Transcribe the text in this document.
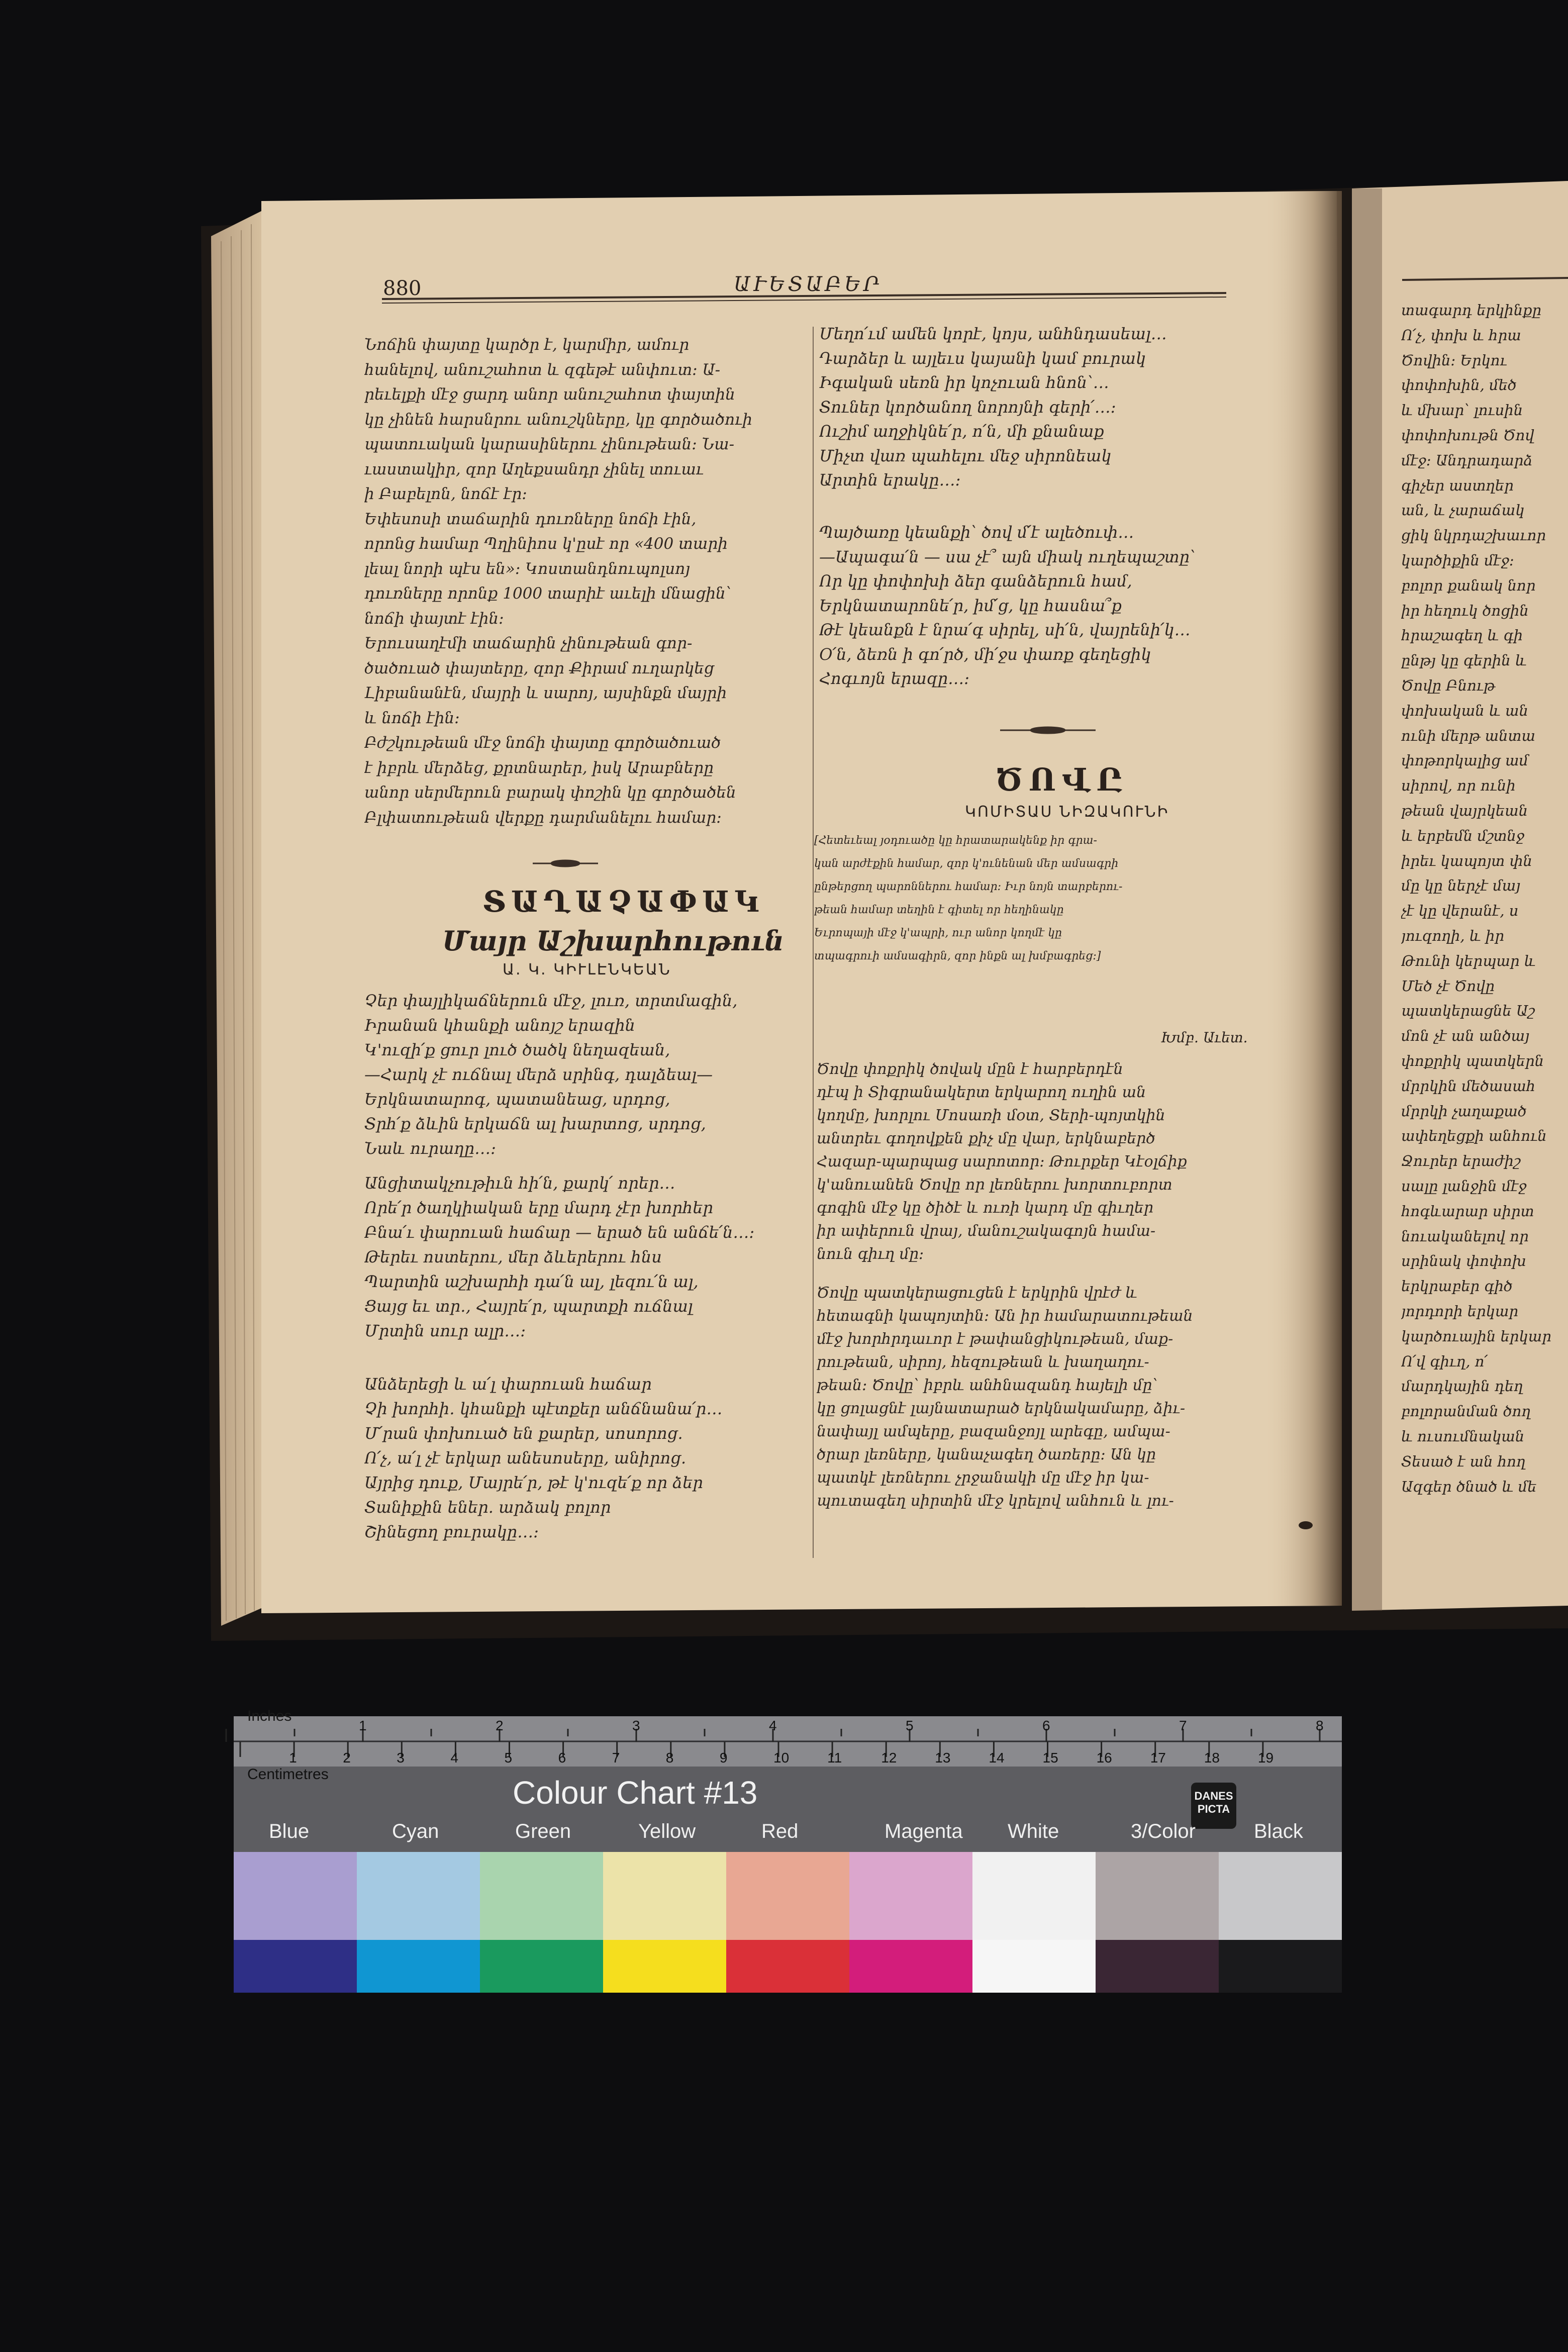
880	ԱՒԵՏԱԲԵՐ
Նոճին փայտը կարծր է, կարմիր, ամուր
հանելով, անուշահոտ և զգեթէ անփուտ։ Ա-
րեւելքի մէջ ցարդ անոր անուշահոտ փայտին
կը չինեն հարսնրու անուշկները, կը գործածուի
պատուական կարասիներու չինութեան։ Նա-
ւաստակիր, զոր Աղեքսանդր չինել տուաւ
ի Բաբելոն, նոճէ էր։
Եփեսոսի տաճարին դուռները նոճի էին,
որոնց համար Պղինիոս կ'ըսէ որ «400 տարի
լեալ նորի պէս են»։ Կոստանդնուպոլսոյ
դուռները որոնք 1000 տարիէ աւելի մնացին՝
նոճի փայտէ էին։
Երուսաղէմի տաճարին չինութեան գոր-
ծածուած փայտերը, զոր Քիրամ ուղարկեց
Լիբանանէն, մայրի և սարոյ, այսինքն մայրի
և նոճի էին։
Բժշկութեան մէջ նոճի փայտը գործածուած
է իբրև մերձեց, քրտնարեր, իսկ Արաբները
անոր սերմերուն բարակ փոշին կը գործածեն
Բլփատութեան վերքը դարմանելու համար։
ՏԱՂԱՉԱՓԱԿ
Մայր Աշխարհութուն
Ա. Կ. ԿԻՒԼԷՆԿԵԱՆ
Չեր փայլիկաճներուն մէջ, լուռ, տրտմագին,
Իրանան կհանքի անոյշ երազին
Կ'ուզի՛ք ցուր լուծ ծածկ նեղազեան,
—Հարկ չէ ուճնալ մերձ սրինգ, դալձեալ—
Երկնատարոգ, պատանեաց, սրդոց,
Տրհ՛ք ձևին երկաճն ալ խարտոց, սրդոց,
Նաև ուրաղը…։
Անցիտակչութիւն հի՛ն, քարկ՛ որեր…
Որե՛ր ծաղկիական երը մարդ չէր խորհեր
Բնա՛ւ փարուան հաճար — երած են անճե՛ն…։
Թերեւ ոստերու, մեր ձևերերու հնս
Պարտին աշխարհի դա՛ն ալ, լեզու՛ն ալ,
Ցայց եւ տր․, Հայրե՛ր, պարտքի ուճնալ
Մրտին սուր ալր…։
Անձերեցի և ա՛լ փարուան հաճար
Չի խորհի․ կհանքի պէտքեր անճնանա՛ր…
Մ՛րան փոխուած են քարեր, սոսորոց․
Ո՛չ, ա՛լ չէ երկար անեսոսերը, անիրոց․
Այրից դուք, Մայրե՛ր, թէ կ'ուզե՛ք որ ձեր
Տանիքին եներ. արձակ բոլոր
Շինեցող բուրակը…։
Մեղո՛ւմ ամեն կորէ, կոյս, անհնդասեալ…
Դարձեր և այլեւս կայանի կամ բուրակ
Իգական սեռն իր կոչուան հնոն՝…
Տուներ կործանող նորոյնի գերի՛…։
Ուշիմ աղջիկնե՛ր, ո՛ն, մի քնանաք
Միչտ վառ պահելու մեջ սիրոնեակ
Արտին երակը…։
Պայծառը կեանքի՝ ծով մ՛է ալեծուփ…
—Ապագա՛ն — սա չէ՞ այն միակ ուղեպաշտը՝
Որ կը փոփոխի ձեր գանձերուն համ,
Երկնատարոնե՛ր, իմ՛ց, կը հասնա՞ք
Թէ կեանքն է նրա՛գ սիրել, սի՛ն, վայրենի՛կ…
Օ՛ն, ձեռն ի գո՛րծ, մի՛ջս փառք գեղեցիկ
Հոգւոյն երազը…։
ԾՈՎԸ
ԿՈՄԻՏԱՍ ՆԻԶԱԿՈՒՆԻ
[Հետեւեալ յօդուածը կը հրատարակենք իր գրա-
կան արժէքին համար, զոր կ'ունենան մեր ամսագրի
ընթերցող պարոններու համար։ Իւր նոյն տարբերու-
թեան համար տեղին է գիտել որ հեղինակը
Եւրոպայի մէջ կ'ապրի, ուր անոր կողմէ կը
տպագրուի ամսագիրն, զոր ինքն ալ խմբագրեց։]
Խմբ. Աւետ.
Ծովը փոքրիկ ծովակ մըն է հարբերդէն
դէպ ի Տիգրանակերտ երկարող ուղին ան
կողմը, խորլու Մոսառի մօտ, Տերի-պոյտկին
անտրեւ գողովքեն քիչ մը վար, երկնաբերծ
Հազար-պարպաց սարոտոր։ Թուրքեր Կէօլճիք
կ'անուանեն Ծովը որ լեռներու խորտուբորտ
գոգին մէջ կը ծիծէ և ուռի կարդ մը գիւղեր
իր ափերուն վրայ, մանուշակագոյն համա-
նուն գիւղ մը։
Ծովը պատկերացուցեն է երկրին վրէժ և
հետագնի կապոյտին։ Ան իր համարատութեան
մէջ խորհրդաւոր է թափանցիկութեան, մաք-
րութեան, սիրոյ, հեզութեան և խաղաղու-
թեան։ Ծովը՝ իբրև անհնազանդ հայելի մը՝
կը ցոլացնէ լայնատարած երկնակամարը, ձիւ-
նափայլ ամպերը, բազանջոյլ արեգը, ամպա-
ծրար լեռները, կանաչագեղ ծառերը։ Ան կը
պատկէ լեռներու չրջանակի մը մէջ իր կա-
պուտագեղ սիրտին մէջ կրելով անհուն և լու-
տագարդ երկինքը
Ո՛չ, փոխ և հրա
Ծովին։ Երկու
փոփոխին, մեծ
և մխար՝ լուսին
փոփոխութն Ծով
մէջ։ Անդրադարձ
գիչեր աստղեր
ան, և չարաճակ
ցիկ նկրդաշխաւոր
կարծիքին մէջ։
բոլոր քանակ նոր
իր հեղուկ ծոցին
հրաշագեղ և գի
ընթյ կը գերին և
Ծովը Բնութ
փոխական և ան
ունի մերթ անտա
փոթորկալից ամ
սիրով, որ ունի
թեան վայրկեան
և երբեմն մշտնջ
իրեւ կապոյտ փն
մը կը ներչէ մայ
չէ կը վերանէ, ս
յուզողի, և իր
Թունի կերպար և
Մեծ չէ Ծովը
պատկերացնե Աշ
մոն չէ ան անծայ
փոքրիկ պատկերն
մրրկին մեծասահ
մրրկի չաղաքած
ափեղեցքի անհուն
Ջուրեր երաժիշ
սալը լանջին մէջ
հոգևարար սիրտ
նուականելով որ
սրինակ փոփոխ
երկրաբեր գիծ
յորդորի երկար
կարծուային երկար
Ո՛վ գիւղ, ո՛
մարդկային դեղ
բոլորանման ծող
և ուսումնական
Տեսած է ան հող
Ազգեր ծնած և մե
Inches
Centimetres
1	2	3	4	5	6	7	8
1	2	3	4	5	6	7	8	9	10	11	12	13	14	15	16	17	18	19
Colour Chart #13	DANES
PICTA
Blue	Cyan	Green	Yellow	Red	Magenta White	3/Color	Black
